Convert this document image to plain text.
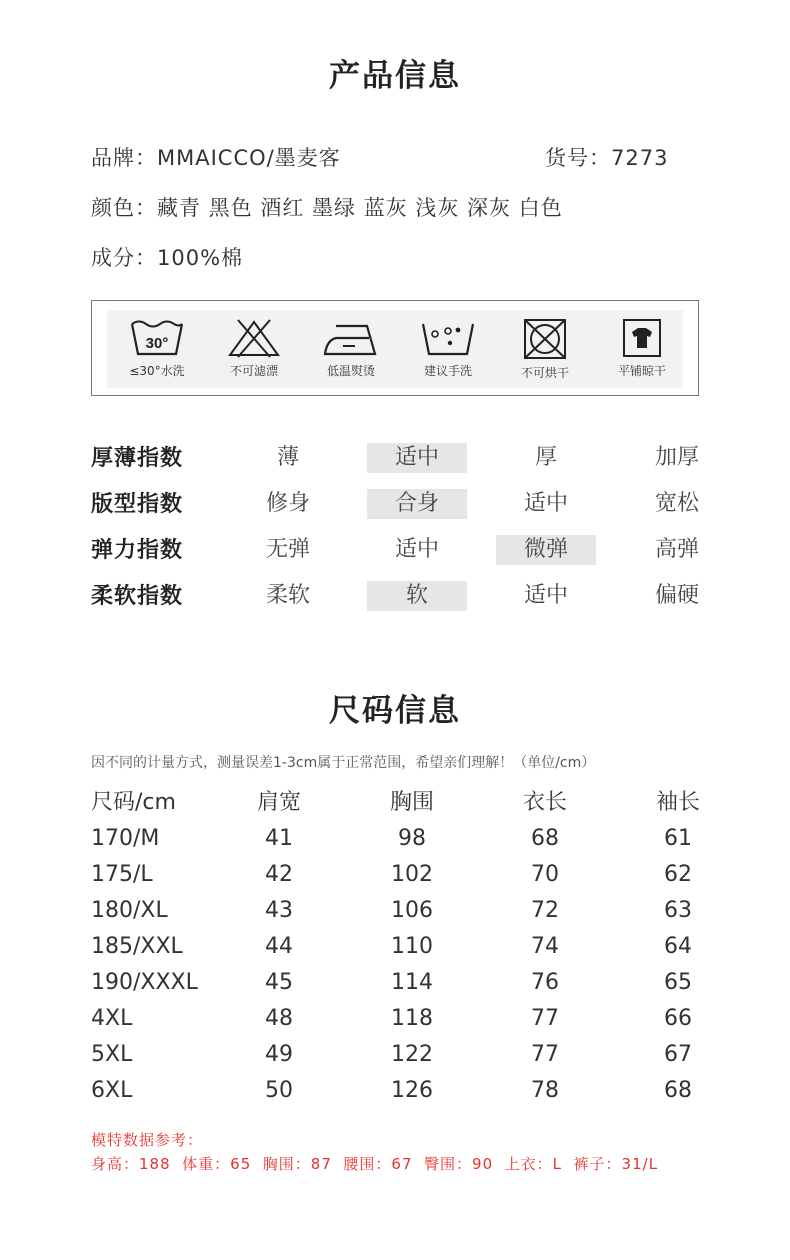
产品信息
品牌：MMAICCO/墨麦客	货号：7273
颜色：藏青 黑色 酒红 墨绿 蓝灰 浅灰 深灰 白色
成分：100%棉
30°
≤30°水洗	不可滤漂	低温熨烫	建议手洗	不可烘干	平铺晾干
厚薄指数	薄	适中	厚	加厚
版型指数	修身	合身	适中	宽松
弹力指数	无弹	适中	微弹	高弹
柔软指数	柔软	软	适中	偏硬
尺码信息
因不同的计量方式，测量误差1-3cm属于正常范围，希望亲们理解！（单位/cm）
尺码/cm	肩宽	胸围	衣长	袖长
170/M	41	98	68	61
175/L	42	102	70	62
180/XL	43	106	72	63
185/XXL	44	110	74	64
190/XXXL	45	114	76	65
4XL	48	118	77	66
5XL	49	122	77	67
6XL	50	126	78	68
模特数据参考：
身高：188  体重：65  胸围：87  腰围：67  臀围：90  上衣：L  裤子：31/L
